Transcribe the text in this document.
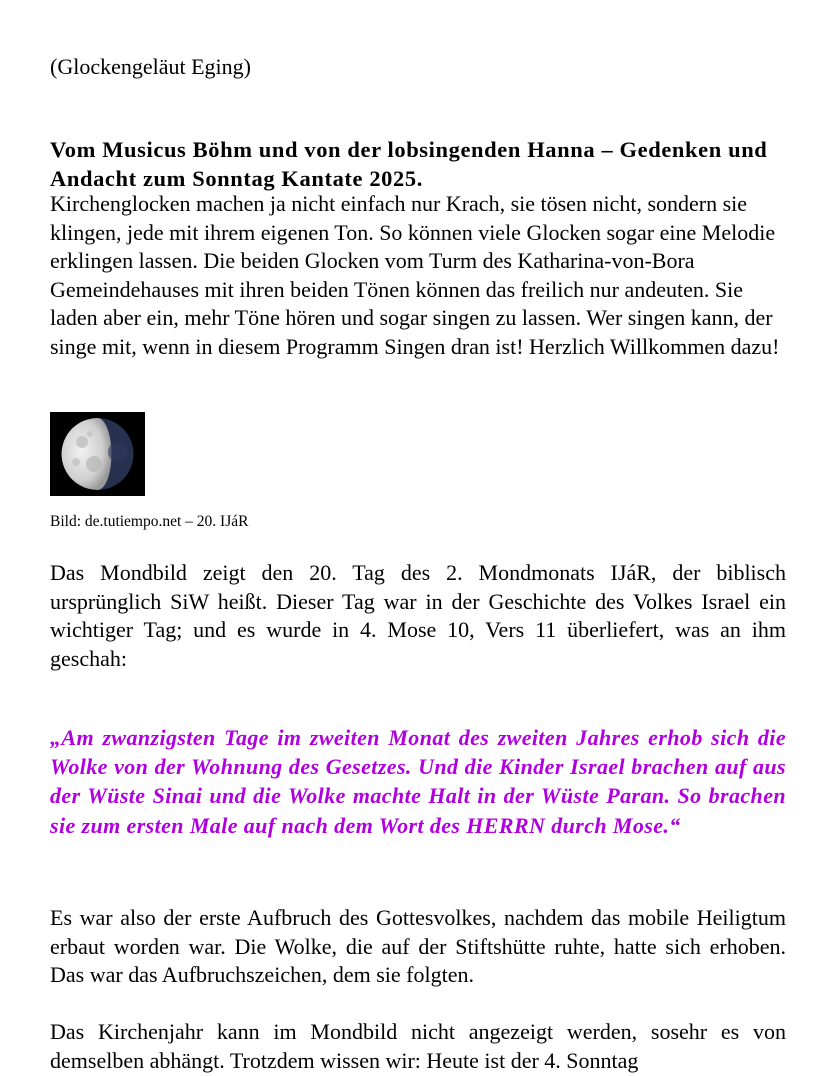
(Glockengeläut Eging)

Vom Musicus Böhm und von der lobsingenden Hanna – Gedenken und Andacht zum Sonntag Kantate 2025.

Kirchenglocken machen ja nicht einfach nur Krach, sie tösen nicht, sondern sie klingen, jede mit ihrem eigenen Ton. So können viele Glocken sogar eine Melodie erklingen lassen. Die beiden Glocken vom Turm des Katharina-von-Bora Gemeindehauses mit ihren beiden Tönen können das freilich nur andeuten. Sie laden aber ein, mehr Töne hören und sogar singen zu lassen. Wer singen kann, der singe mit, wenn in diesem Programm Singen dran ist! Herzlich Willkommen dazu!

Bild: de.tutiempo.net – 20. IJáR

Das Mondbild zeigt den 20. Tag des 2. Mondmonats IJáR, der biblisch ursprünglich SiW heißt. Dieser Tag war in der Geschichte des Volkes Israel ein wichtiger Tag; und es wurde in 4. Mose 10, Vers 11 überliefert, was an ihm geschah:

„Am zwanzigsten Tage im zweiten Monat des zweiten Jahres erhob sich die Wolke von der Wohnung des Gesetzes. Und die Kinder Israel brachen auf aus der Wüste Sinai und die Wolke machte Halt in der Wüste Paran. So brachen sie zum ersten Male auf nach dem Wort des HERRN durch Mose.“

Es war also der erste Aufbruch des Gottesvolkes, nachdem das mobile Heiligtum erbaut worden war. Die Wolke, die auf der Stiftshütte ruhte, hatte sich erhoben. Das war das Aufbruchszeichen, dem sie folgten.

Das Kirchenjahr kann im Mondbild nicht angezeigt werden, sosehr es von demselben abhängt. Trotzdem wissen wir: Heute ist der 4. Sonntag
